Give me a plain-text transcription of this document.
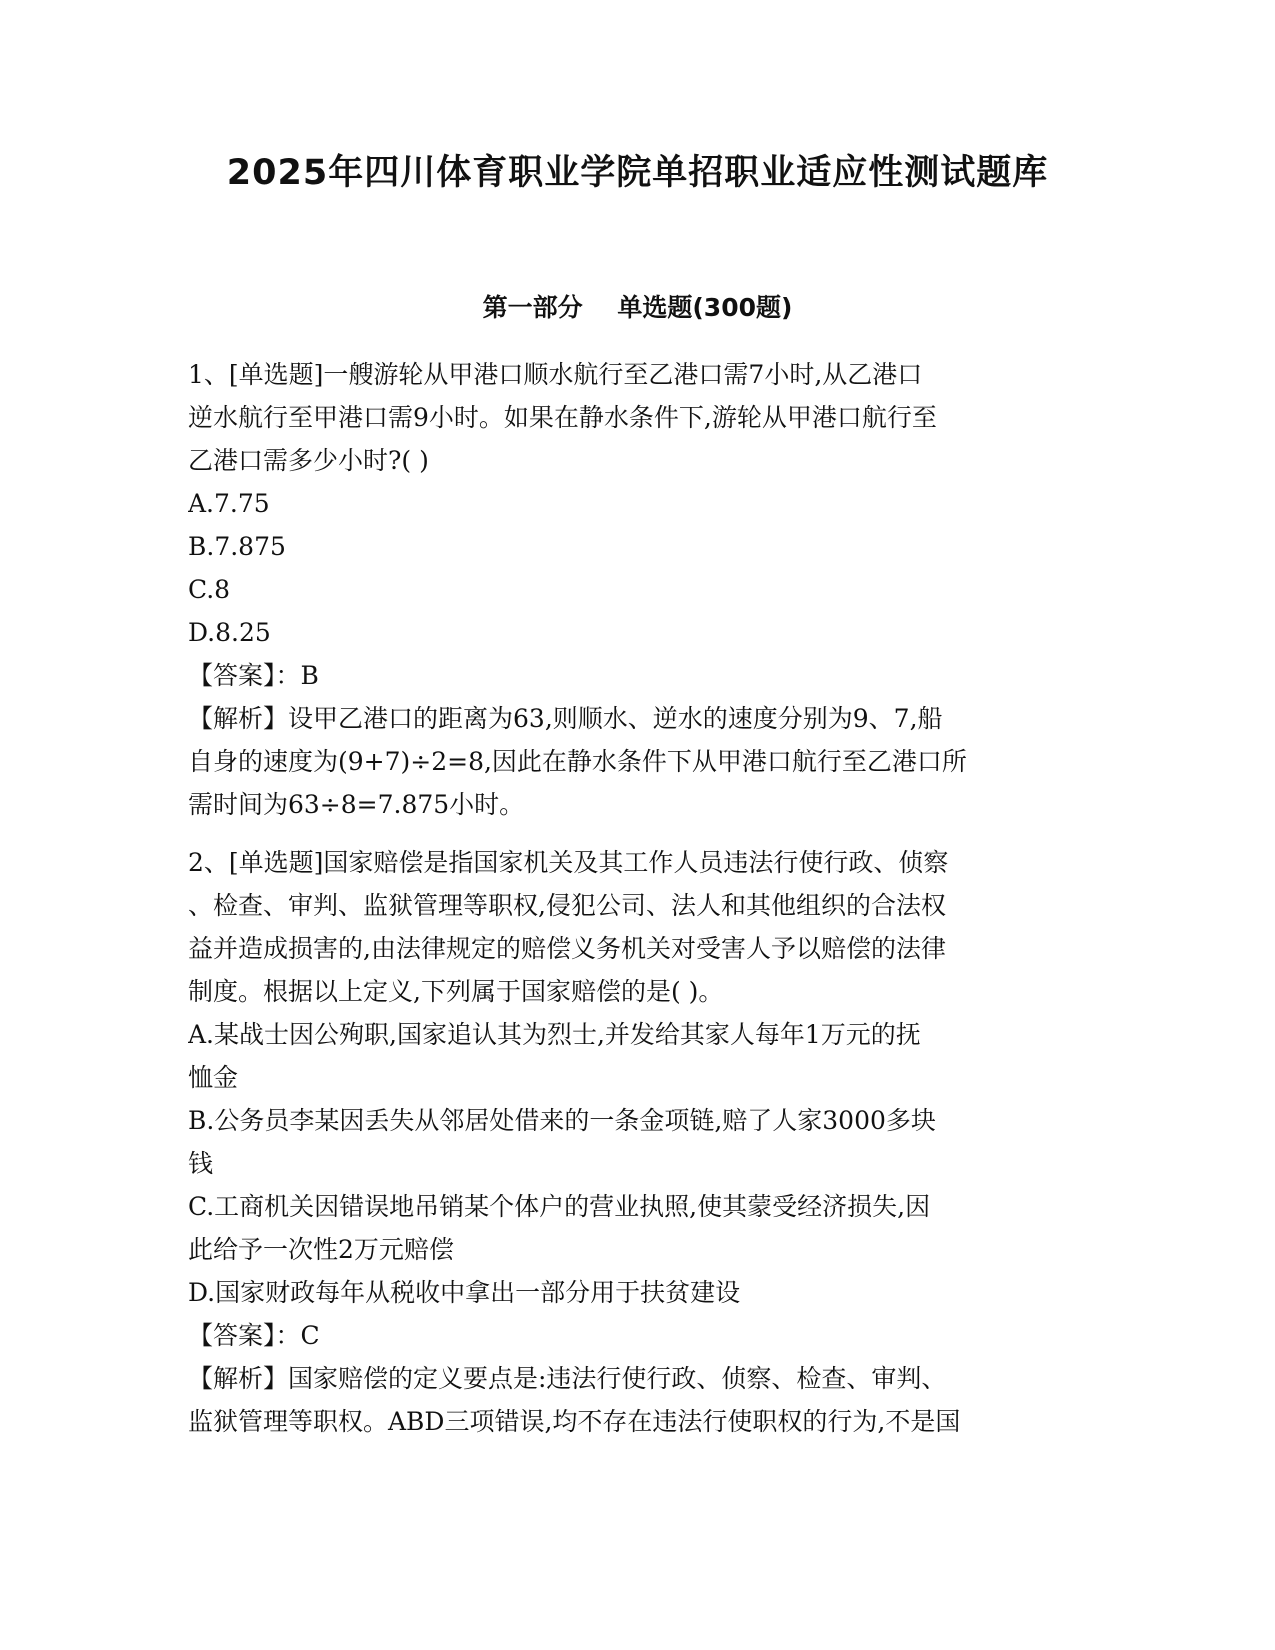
2025年四川体育职业学院单招职业适应性测试题库
第一部分    单选题(300题)
1、[单选题]一艘游轮从甲港口顺水航行至乙港口需7小时,从乙港口
逆水航行至甲港口需9小时。如果在静水条件下,游轮从甲港口航行至
乙港口需多少小时?( )
A.7.75
B.7.875
C.8
D.8.25
【答案】：B
【解析】设甲乙港口的距离为63,则顺水、逆水的速度分别为9、7,船
自身的速度为(9+7)÷2=8,因此在静水条件下从甲港口航行至乙港口所
需时间为63÷8=7.875小时。
2、[单选题]国家赔偿是指国家机关及其工作人员违法行使行政、侦察
、检查、审判、监狱管理等职权,侵犯公司、法人和其他组织的合法权
益并造成损害的,由法律规定的赔偿义务机关对受害人予以赔偿的法律
制度。根据以上定义,下列属于国家赔偿的是( )。
A.某战士因公殉职,国家追认其为烈士,并发给其家人每年1万元的抚
恤金
B.公务员李某因丢失从邻居处借来的一条金项链,赔了人家3000多块
钱
C.工商机关因错误地吊销某个体户的营业执照,使其蒙受经济损失,因
此给予一次性2万元赔偿
D.国家财政每年从税收中拿出一部分用于扶贫建设
【答案】：C
【解析】国家赔偿的定义要点是:违法行使行政、侦察、检查、审判、
监狱管理等职权。ABD三项错误,均不存在违法行使职权的行为,不是国
